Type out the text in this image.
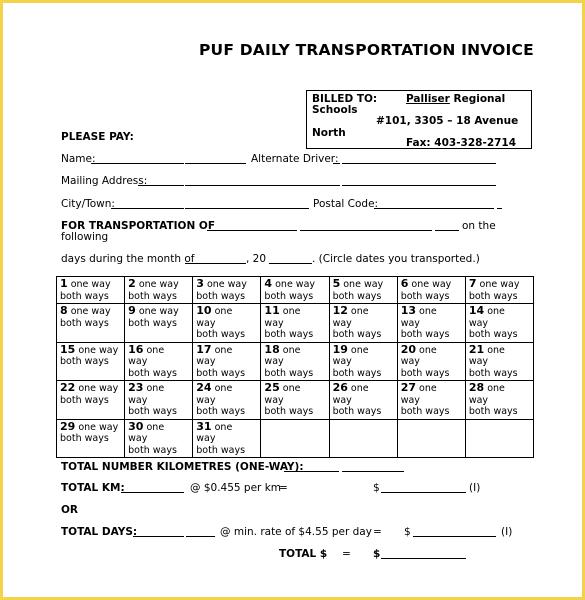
PUF DAILY TRANSPORTATION INVOICE
BILLED TO:	Palliser Regional
Schools
#101, 3305 – 18 Avenue
North
Fax: 403-328-2714
PLEASE PAY:
Name:	Alternate Driver:
Mailing Address:
City/Town:	Postal Code:
FOR TRANSPORTATION OF	on the
following
days during the month of	, 20	. (Circle dates you transported.)
1 one way
both ways	2 one way
both ways	3 one way
both ways	4 one way
both ways	5 one way
both ways	6 one way
both ways	7 one way
both ways
8 one way
both ways	9 one way
both ways	10 one
way
both ways	11 one
way
both ways	12 one
way
both ways	13 one
way
both ways	14 one
way
both ways
15 one way
both ways	16 one
way
both ways	17 one
way
both ways	18 one
way
both ways	19 one
way
both ways	20 one
way
both ways	21 one
way
both ways
22 one way
both ways	23 one
way
both ways	24 one
way
both ways	25 one
way
both ways	26 one
way
both ways	27 one
way
both ways	28 one
way
both ways
29 one way
both ways	30 one
way
both ways	31 one
way
both ways				
TOTAL NUMBER KILOMETRES (ONE-WAY):
TOTAL KM:	@ $0.455 per km
=	$	(I)
OR
TOTAL DAYS:	@ min. rate of $4.55 per day = $	(I)
TOTAL $ = $
